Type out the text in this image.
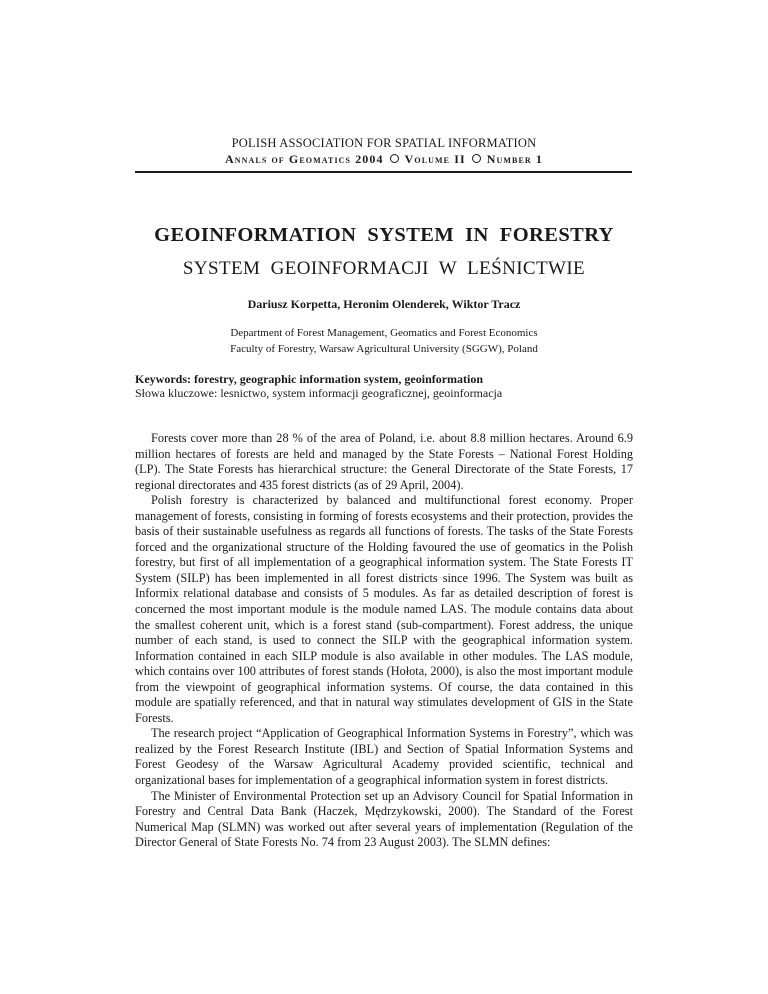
POLISH ASSOCIATION FOR SPATIAL INFORMATION
Annals of Geomatics 2004 Volume II Number 1
GEOINFORMATION  SYSTEM  IN  FORESTRY
SYSTEM  GEOINFORMACJI  W  LEŚNICTWIE
Dariusz Korpetta, Heronim Olenderek, Wiktor Tracz
Department of Forest Management, Geomatics and Forest Economics
Faculty of Forestry, Warsaw Agricultural University (SGGW), Poland
Keywords: forestry, geographic information system, geoinformation
Słowa kluczowe: lesnictwo, system informacji geograficznej, geoinformacja

Forests cover more than 28 % of the area of Poland, i.e. about 8.8 million hectares. Around 6.9 million hectares of forests are held and managed by the State Forests – National Forest Holding (LP). The State Forests has hierarchical structure: the General Directorate of the State Forests, 17 regional directorates and 435 forest districts (as of 29 April, 2004).

Polish forestry is characterized by balanced and multifunctional forest economy. Proper management of forests, consisting in forming of forests ecosystems and their protection, provides the basis of their sustainable usefulness as regards all functions of forests. The tasks of the State Forests forced and the organizational structure of the Holding favoured the use of geomatics in the Polish forestry, but first of all implementation of a geographical information system. The State Forests IT System (SILP) has been implemented in all forest districts since 1996. The System was built as Informix relational database and consists of 5 modules. As far as detailed description of forest is concerned the most important module is the module named LAS. The module contains data about the smallest coherent unit, which is a forest stand (sub-compartment). Forest address, the unique number of each stand, is used to connect the SILP with the geographical information system. Information contained in each SILP module is also available in other modules. The LAS module, which contains over 100 attributes of forest stands (Hołota, 2000), is also the most important module from the viewpoint of geographical information systems. Of course, the data contained in this module are spatially referenced, and that in natural way stimulates development of GIS in the State Forests.

The research project “Application of Geographical Information Systems in Forestry”, which was realized by the Forest Research Institute (IBL) and Section of Spatial Information Systems and Forest Geodesy of the Warsaw Agricultural Academy provided scientific, technical and organizational bases for implementation of a geographical information system in forest districts.

The Minister of Environmental Protection set up an Advisory Council for Spatial Information in Forestry and Central Data Bank (Haczek, Mędrzykowski, 2000). The Standard of the Forest Numerical Map (SLMN) was worked out after several years of implementation (Regulation of the Director General of State Forests No. 74 from 23 August 2003). The SLMN defines:
